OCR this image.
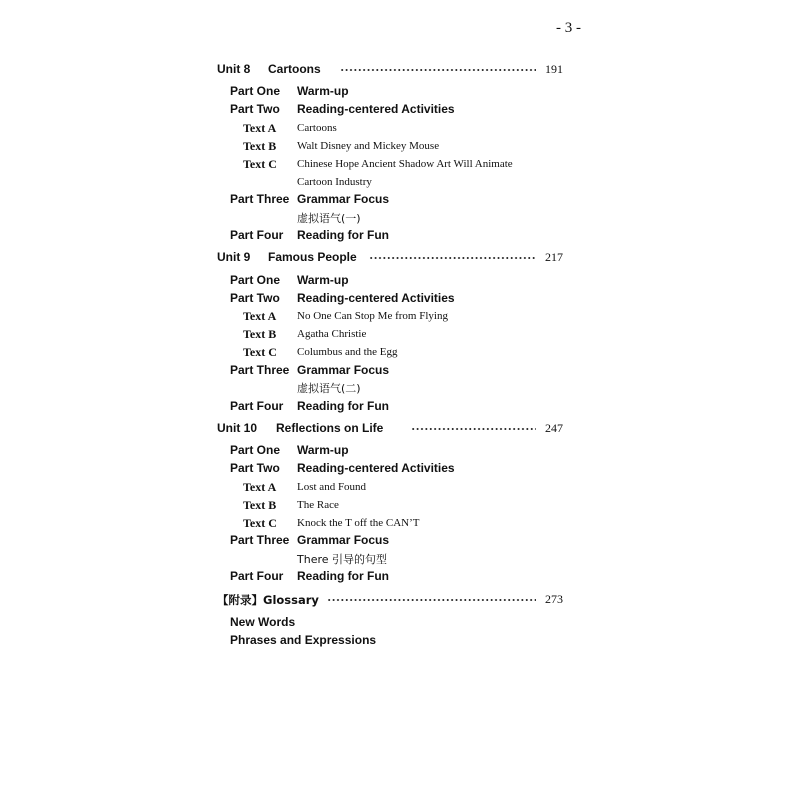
- 3 -
Unit 8 Cartoons	191
Part One Warm-up
Part Two Reading-centered Activities
Text A Cartoons
Text B Walt Disney and Mickey Mouse
Text C Chinese Hope Ancient Shadow Art Will Animate
Cartoon Industry
Part Three Grammar Focus
虚拟语气(一)
Part Four Reading for Fun
Unit 9 Famous People	217
Part One Warm-up
Part Two Reading-centered Activities
Text A No One Can Stop Me from Flying
Text B Agatha Christie
Text C Columbus and the Egg
Part Three Grammar Focus
虚拟语气(二)
Part Four Reading for Fun
Unit 10 Reflections on Life	247
Part One Warm-up
Part Two Reading-centered Activities
Text A Lost and Found
Text B The Race
Text C Knock the T off the CAN’T
Part Three Grammar Focus
There 引导的句型
Part Four Reading for Fun
【附录】Glossary	273
New Words
Phrases and Expressions
